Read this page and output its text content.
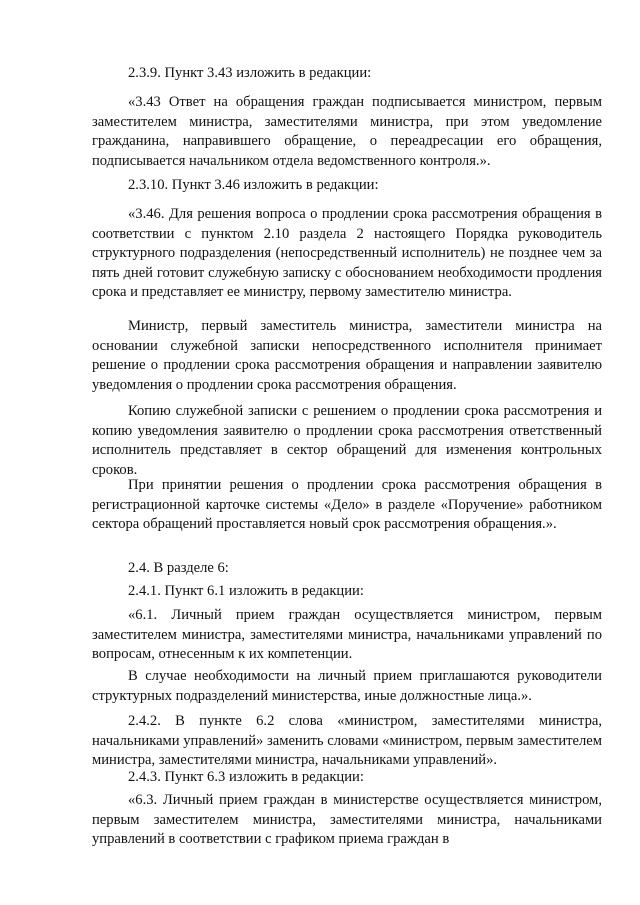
2.3.9. Пункт 3.43 изложить в редакции:

«3.43 Ответ на обращения граждан подписывается министром, первым заместителем министра, заместителями министра, при этом уведомление гражданина, направившего обращение, о переадресации его обращения, подписывается начальником отдела ведомственного контроля.».

2.3.10. Пункт 3.46 изложить в редакции:

«3.46. Для решения вопроса о продлении срока рассмотрения обращения в соответствии с пунктом 2.10 раздела 2 настоящего Порядка руководитель структурного подразделения (непосредственный исполнитель) не позднее чем за пять дней готовит служебную записку с обоснованием необходимости продления срока и представляет ее министру, первому заместителю министра.

Министр, первый заместитель министра, заместители министра на основании служебной записки непосредственного исполнителя принимает решение о продлении срока рассмотрения обращения и направлении заявителю уведомления о продлении срока рассмотрения обращения.

Копию служебной записки с решением о продлении срока рассмотрения и копию уведомления заявителю о продлении срока рассмотрения ответственный исполнитель представляет в сектор обращений для изменения контрольных сроков.

При принятии решения о продлении срока рассмотрения обращения в регистрационной карточке системы «Дело» в разделе «Поручение» работником сектора обращений проставляется новый срок рассмотрения обращения.».

2.4. В разделе 6:

2.4.1. Пункт 6.1 изложить в редакции:

«6.1. Личный прием граждан осуществляется министром, первым заместителем министра, заместителями министра, начальниками управлений по вопросам, отнесенным к их компетенции.

В случае необходимости на личный прием приглашаются руководители структурных подразделений министерства, иные должностные лица.».

2.4.2. В пункте 6.2 слова «министром, заместителями министра, начальниками управлений» заменить словами «министром, первым заместителем министра, заместителями министра, начальниками управлений».

2.4.3. Пункт 6.3 изложить в редакции:

«6.3. Личный прием граждан в министерстве осуществляется министром, первым заместителем министра, заместителями министра, начальниками управлений в соответствии с графиком приема граждан в
